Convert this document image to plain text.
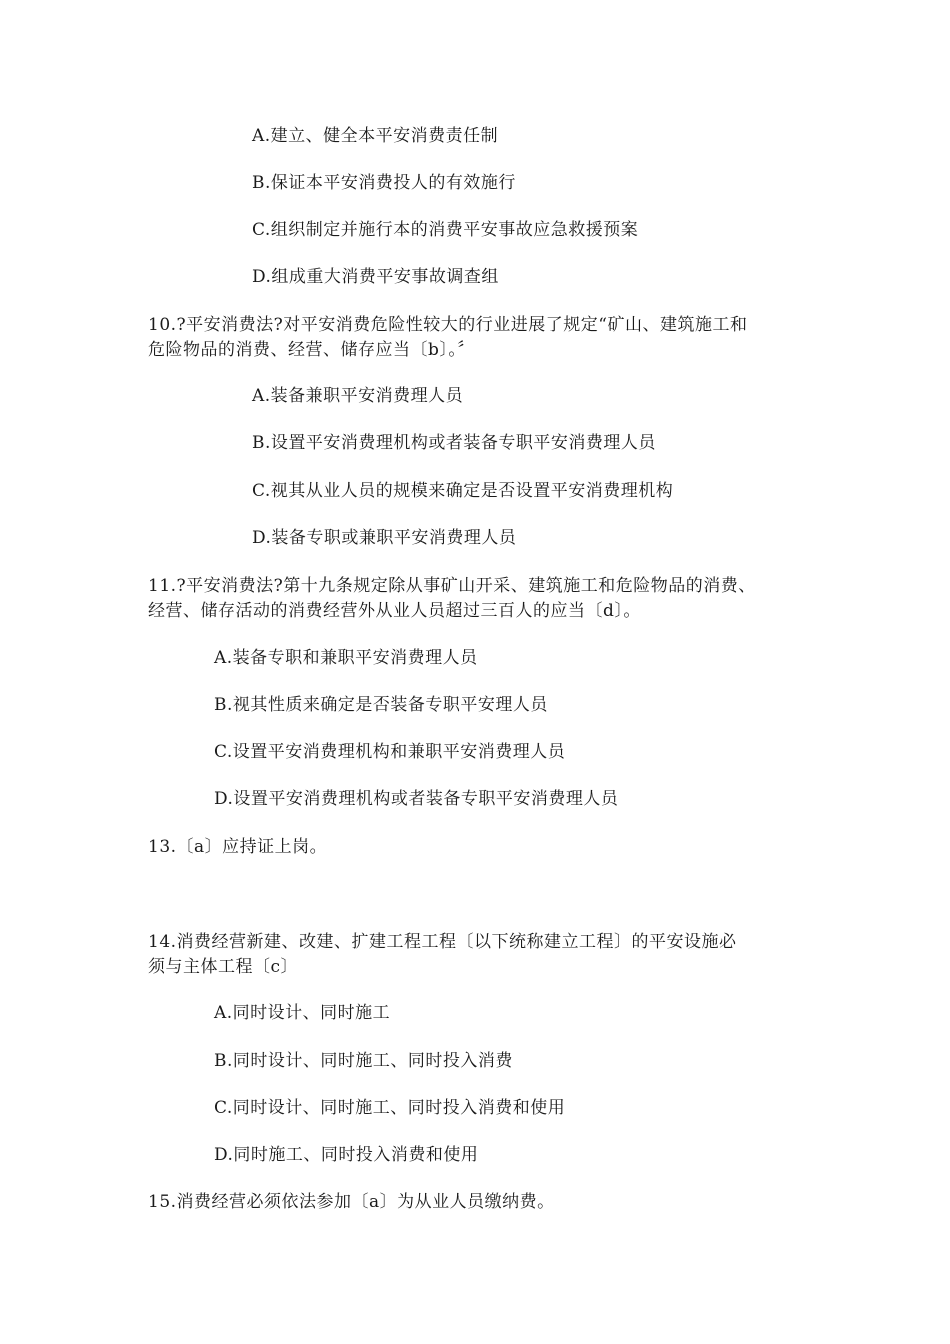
A.建立、健全本平安消费责任制
B.保证本平安消费投人的有效施行
C.组织制定并施行本的消费平安事故应急救援预案
D.组成重大消费平安事故调查组
10.?平安消费法?对平安消费危险性较大的行业进展了规定“矿山、建筑施工和
危险物品的消费、经营、储存应当〔b〕。〞
A.装备兼职平安消费理人员
B.设置平安消费理机构或者装备专职平安消费理人员
C.视其从业人员的规模来确定是否设置平安消费理机构
D.装备专职或兼职平安消费理人员
11.?平安消费法?第十九条规定除从事矿山开采、建筑施工和危险物品的消费、
经营、储存活动的消费经营外从业人员超过三百人的应当〔d〕。
A.装备专职和兼职平安消费理人员
B.视其性质来确定是否装备专职平安理人员
C.设置平安消费理机构和兼职平安消费理人员
D.设置平安消费理机构或者装备专职平安消费理人员
13.〔a〕应持证上岗。
14.消费经营新建、改建、扩建工程工程〔以下统称建立工程〕的平安设施必
须与主体工程〔c〕
A.同时设计、同时施工
B.同时设计、同时施工、同时投入消费
C.同时设计、同时施工、同时投入消费和使用
D.同时施工、同时投入消费和使用
15.消费经营必须依法参加〔a〕为从业人员缴纳费。
